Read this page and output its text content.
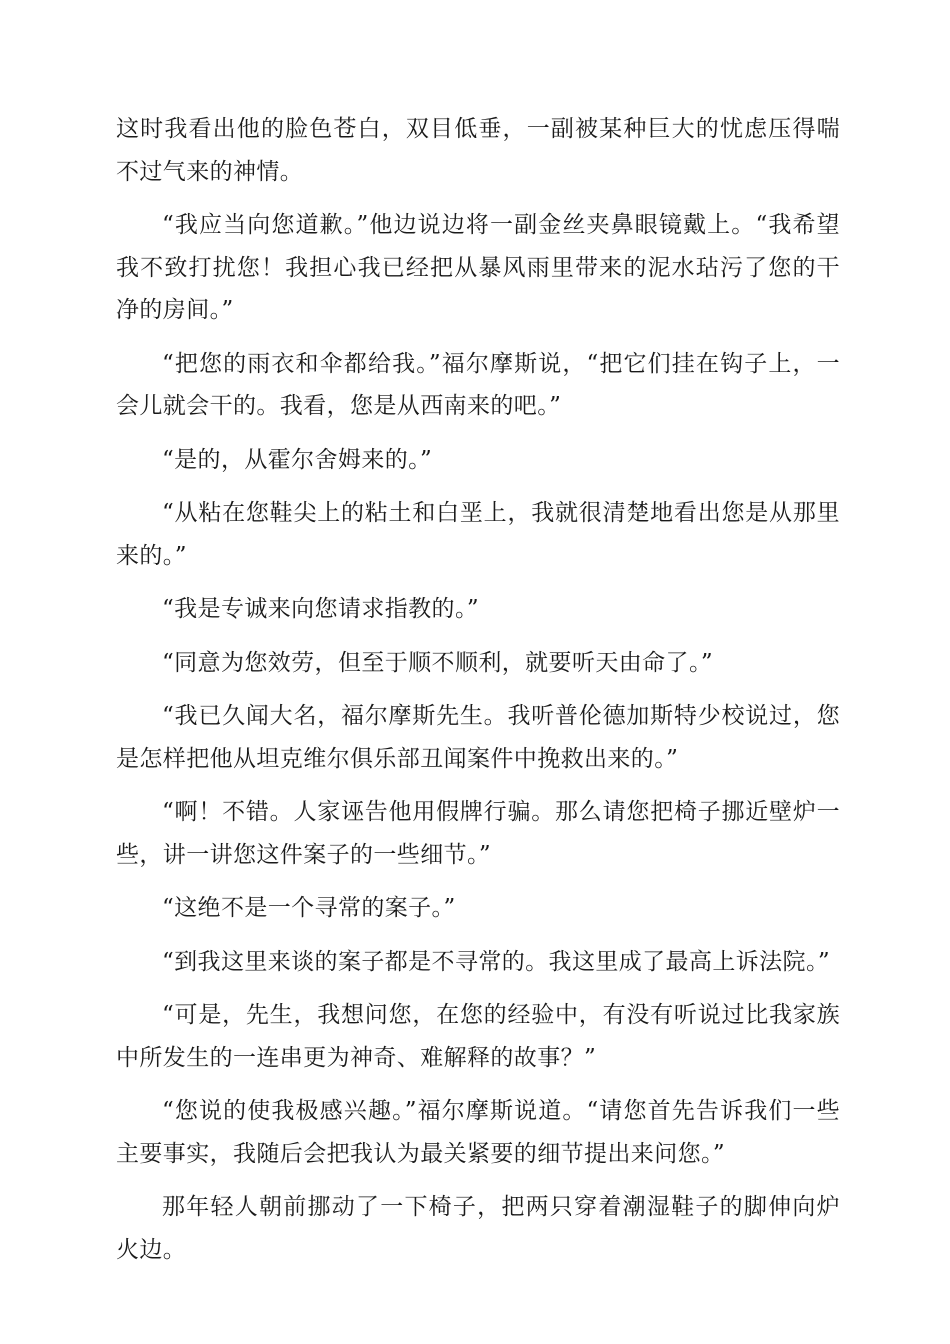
这时我看出他的脸色苍白，双目低垂，一副被某种巨大的忧虑压得喘不过气来的神情。

“我应当向您道歉。”他边说边将一副金丝夹鼻眼镜戴上。“我希望我不致打扰您！我担心我已经把从暴风雨里带来的泥水玷污了您的干净的房间。”

“把您的雨衣和伞都给我。”福尔摩斯说，“把它们挂在钩子上，一会儿就会干的。我看，您是从西南来的吧。”

“是的，从霍尔舍姆来的。”

“从粘在您鞋尖上的粘土和白垩上，我就很清楚地看出您是从那里来的。”

“我是专诚来向您请求指教的。”

“同意为您效劳，但至于顺不顺利，就要听天由命了。”

“我已久闻大名，福尔摩斯先生。我听普伦德加斯特少校说过，您是怎样把他从坦克维尔俱乐部丑闻案件中挽救出来的。”

“啊！不错。人家诬告他用假牌行骗。那么请您把椅子挪近壁炉一些，讲一讲您这件案子的一些细节。”

“这绝不是一个寻常的案子。”

“到我这里来谈的案子都是不寻常的。我这里成了最高上诉法院。”

“可是，先生，我想问您，在您的经验中，有没有听说过比我家族中所发生的一连串更为神奇、难解释的故事？”

“您说的使我极感兴趣。”福尔摩斯说道。“请您首先告诉我们一些主要事实，我随后会把我认为最关紧要的细节提出来问您。”

那年轻人朝前挪动了一下椅子，把两只穿着潮湿鞋子的脚伸向炉火边。
